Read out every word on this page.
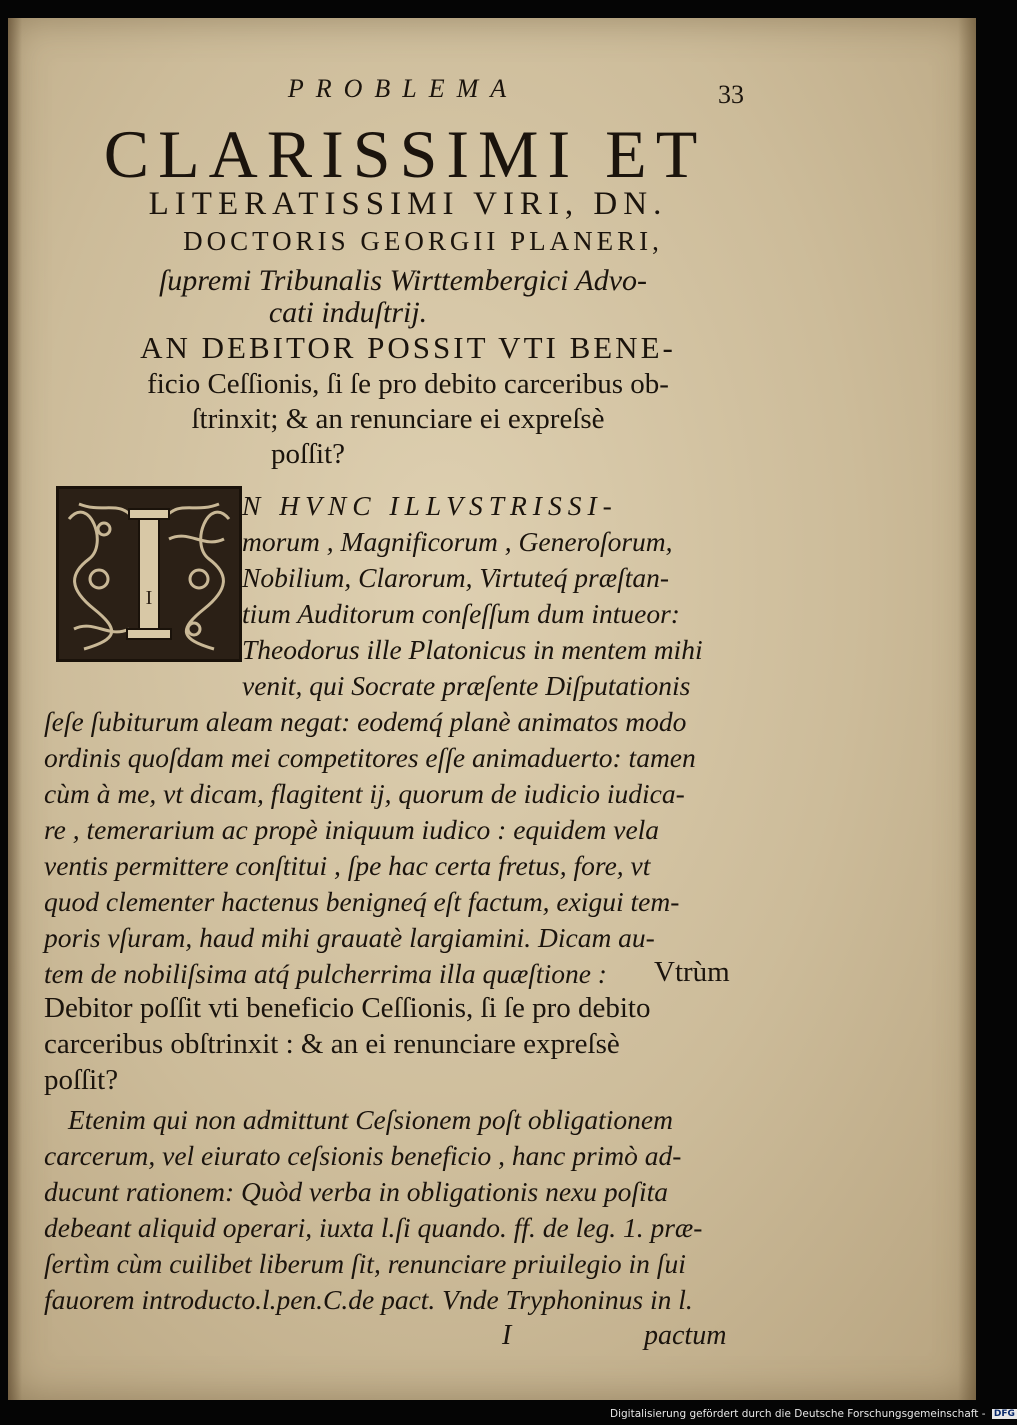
PROBLEMA	33
CLARISSIMI ET
LITERATISSIMI VIRI, DN.
DOCTORIS GEORGII PLANERI,
ſupremi Tribunalis Wirttembergici Advo-
cati induſtrij.
AN DEBITOR POSSIT VTI BENE-
ficio Ceſſionis, ſi ſe pro debito carceribus ob-
ſtrinxit; & an renunciare ei expreſsè
poſſit?
I
N HVNC ILLVSTRISSI-
morum , Magnificorum , Generoſorum,
Nobilium, Clarorum, Virtuteq́ præſtan-
tium Auditorum conſeſſum dum intueor:
Theodorus ille Platonicus in mentem mihi
venit, qui Socrate præſente Diſputationis
ſeſe ſubiturum aleam negat: eodemq́ planè animatos modo
ordinis quoſdam mei competitores eſſe animaduerto: tamen
cùm à me, vt dicam, flagitent ij, quorum de iudicio iudica-
re , temerarium ac propè iniquum iudico : equidem vela
ventis permittere conſtitui , ſpe hac certa fretus, fore, vt
quod clementer hactenus benigneq́ eſt factum, exigui tem-
poris vſuram, haud mihi grauatè largiamini. Dicam au-
tem de nobiliſsima atq́ pulcherrima illa quæſtione : Vtrùm
Debitor poſſit vti beneficio Ceſſionis, ſi ſe pro debito
carceribus obſtrinxit : & an ei renunciare expreſsè
poſſit?
Etenim qui non admittunt Ceſsionem poſt obligationem
carcerum, vel eiurato ceſsionis beneficio , hanc primò ad-
ducunt rationem: Quòd verba in obligationis nexu poſita
debeant aliquid operari, iuxta l.ſi quando. ff. de leg. 1. præ-
ſertìm cùm cuilibet liberum ſit, renunciare priuilegio in ſui
fauorem introducto.l.pen.C.de pact. Vnde Tryphoninus in l.
I	pactum
Digitalisierung gefördert durch die Deutsche Forschungsgemeinschaft - DFG
